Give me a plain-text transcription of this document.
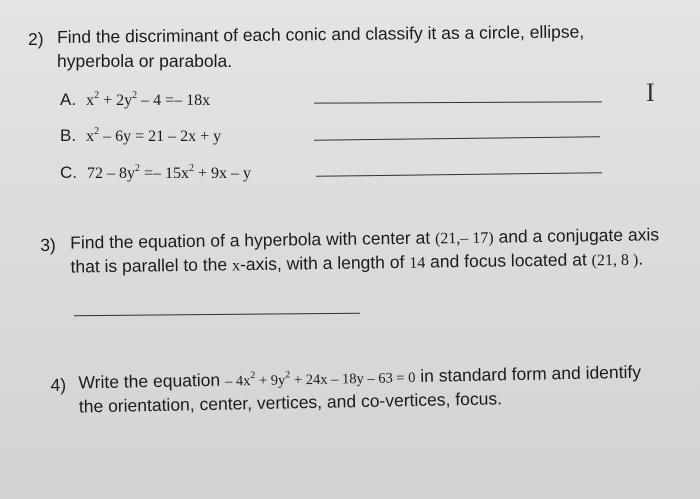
2) Find the discriminant of each conic and classify it as a circle, ellipse,
hyperbola or parabola.
A. $x^2 + 2y^2 - 4 =- 18x$
B. $x^2 - 6y = 21 - 2x + y$
C. $72 - 8y^2 =- 15x^2 + 9x - y$
I
3) Find the equation of a hyperbola with center at (21,– 17) and a conjugate axis
that is parallel to the x-axis, with a length of 14 and focus located at (21, 8 ).
4) Write the equation – $4x^2 + 9y^2 + 24x - 18y - 63 = 0$ in standard form and identify
the orientation, center, vertices, and co-vertices, focus.
